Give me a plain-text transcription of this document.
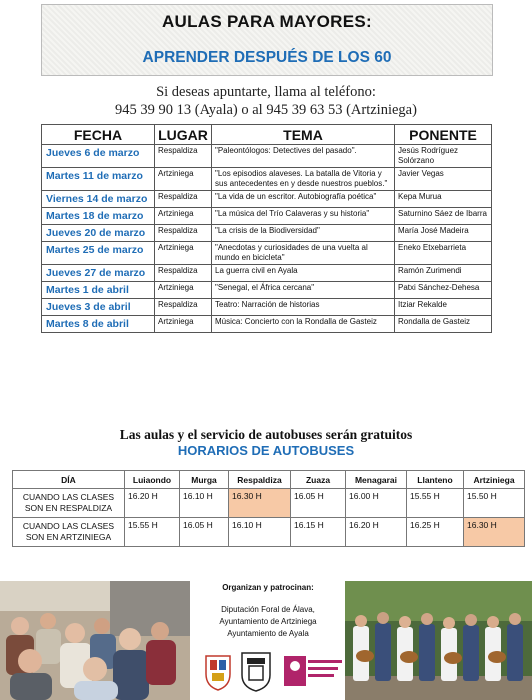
AULAS PARA MAYORES:
APRENDER DESPUÉS DE LOS 60
Si deseas apuntarte, llama al teléfono:
945 39 90 13 (Ayala) o al 945 39 63 53 (Artziniega)
FECHA	LUGAR	TEMA	PONENTE
Jueves 6 de marzo	Respaldiza	"Paleontólogos: Detectives del pasado".	Jesús Rodríguez Solórzano
Martes 11 de marzo	Artziniega	"Los episodios alaveses. La batalla de Vitoria y sus antecedentes en y desde nuestros pueblos."	Javier Vegas
Viernes 14 de marzo	Respaldiza	"La vida de un escritor. Autobiografía poética"	Kepa Murua
Martes 18 de marzo	Artziniega	"La música del Trío Calaveras y su historia"	Saturnino Sáez de Ibarra
Jueves 20 de marzo	Respaldiza	"La crisis de la Biodiversidad"	María José Madeira
Martes 25 de marzo	Artziniega	"Anecdotas y curiosidades de una vuelta al mundo en bicicleta"	Eneko Etxebarrieta
Jueves 27 de marzo	Respaldiza	La guerra civil en Ayala	Ramón Zurimendi
Martes 1 de abril	Artziniega	"Senegal, el África cercana"	Patxi Sánchez-Dehesa
Jueves 3 de abril	Respaldiza	Teatro: Narración de historias	Itziar Rekalde
Martes 8 de abril	Artziniega	Música: Concierto con la Rondalla de Gasteiz	Rondalla de Gasteiz
Las aulas y el servicio de autobuses serán gratuitos
HORARIOS DE AUTOBUSES
DÍA	Luiaondo	Murga	Respaldiza	Zuaza	Menagarai	Llanteno	Artziniega
CUANDO LAS CLASES SON EN RESPALDIZA	16.20 H	16.10 H	16.30 H	16.05 H	16.00 H	15.55 H	15.50 H
CUANDO LAS CLASES SON EN ARTZINIEGA	15.55 H	16.05 H	16.10 H	16.15 H	16.20 H	16.25 H	16.30 H
Organizan y patrocinan:
Diputación Foral de Álava,
Ayuntamiento de Artziniega
Ayuntamiento de Ayala
